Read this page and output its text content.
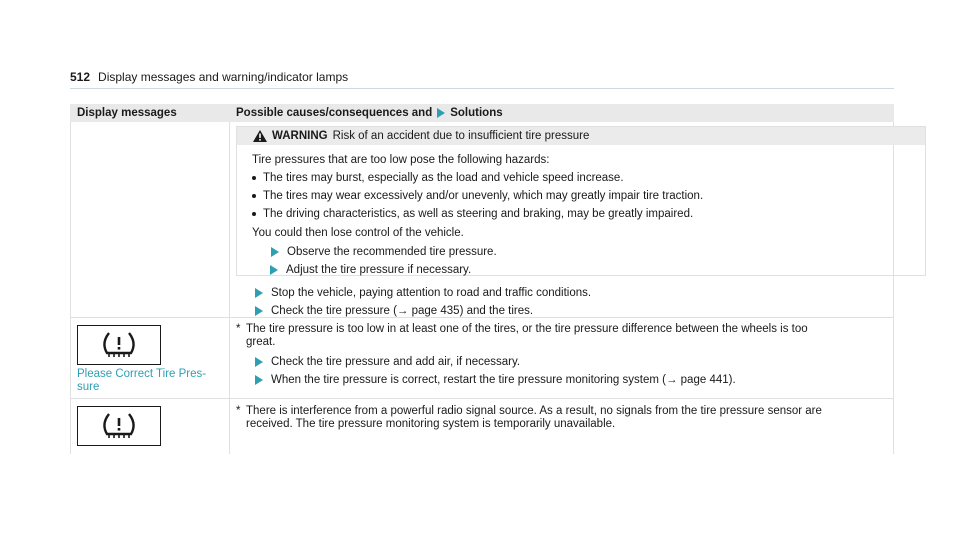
512 Display messages and warning/indicator lamps
Display messages	Possible causes/consequences and Solutions
WARNING Risk of an accident due to insufficient tire pressure
Tire pressures that are too low pose the following hazards:
The tires may burst, especially as the load and vehicle speed increase.
The tires may wear excessively and/or unevenly, which may greatly impair tire traction.
The driving characteristics, as well as steering and braking, may be greatly impaired.
You could then lose control of the vehicle.
Observe the recommended tire pressure.
Adjust the tire pressure if necessary.
Stop the vehicle, paying attention to road and traffic conditions.
Check the tire pressure (→ page 435) and the tires.
Please Correct Tire Pres-
sure
* The tire pressure is too low in at least one of the tires, or the tire pressure difference between the wheels is too
great.
Check the tire pressure and add air, if necessary.
When the tire pressure is correct, restart the tire pressure monitoring system (→ page 441).
* There is interference from a powerful radio signal source. As a result, no signals from the tire pressure sensor are
received. The tire pressure monitoring system is temporarily unavailable.
